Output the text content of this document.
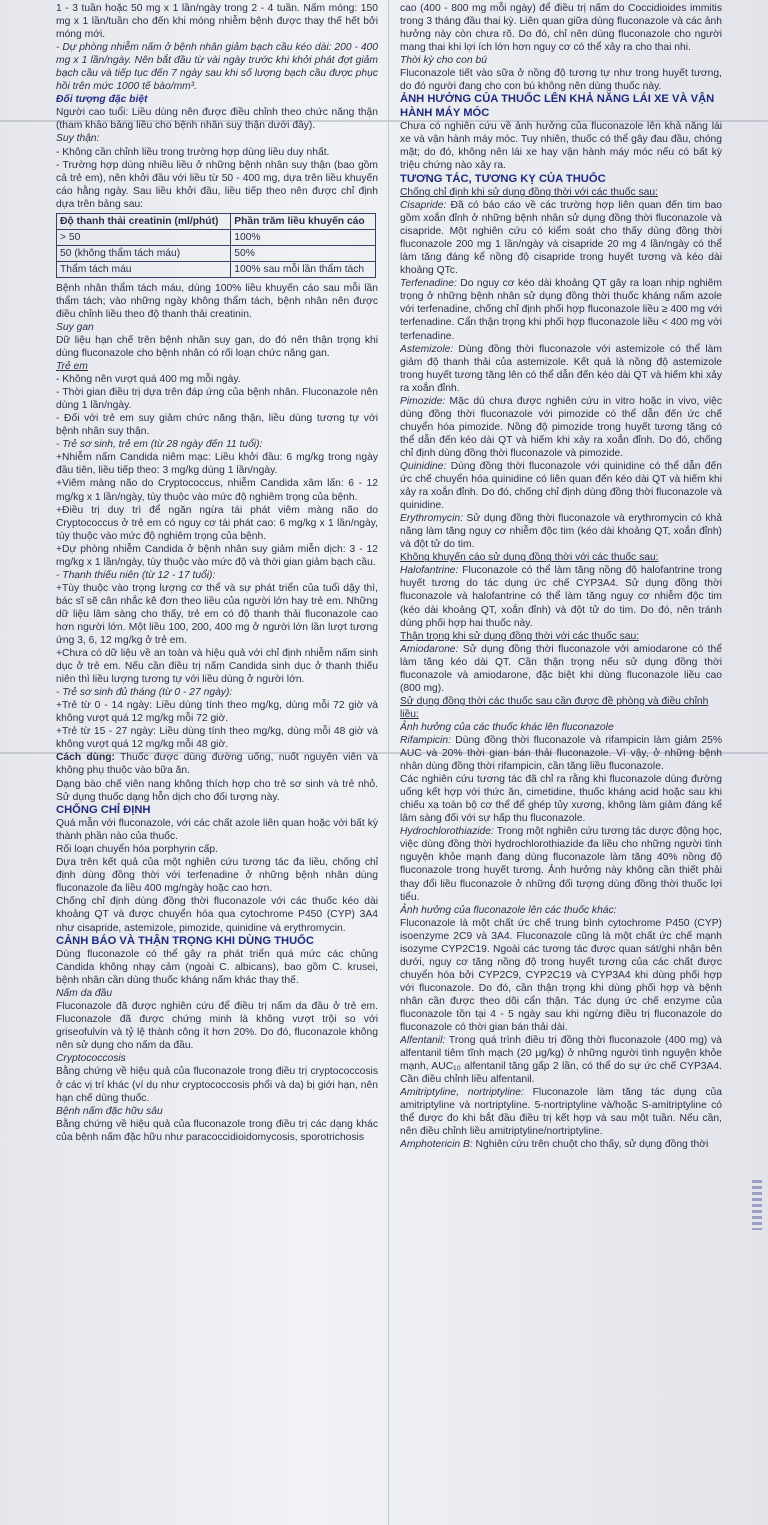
1 - 3 tuần hoặc 50 mg x 1 lần/ngày trong 2 - 4 tuần. Nấm móng: 150 mg x 1 lần/tuần cho đến khi móng nhiễm bệnh được thay thế hết bởi móng mới.

- Dự phòng nhiễm nấm ở bệnh nhân giảm bạch cầu kéo dài: 200 - 400 mg x 1 lần/ngày. Nên bắt đầu từ vài ngày trước khi khởi phát đợt giảm bạch cầu và tiếp tục đến 7 ngày sau khi số lượng bạch cầu được phục hồi trên mức 1000 tế bào/mm³.

Đối tượng đặc biệt

Người cao tuổi: Liều dùng nên được điều chỉnh theo chức năng thận (tham khảo bảng liều cho bệnh nhân suy thận dưới đây).

Suy thận:

- Không cần chỉnh liều trong trường hợp dùng liều duy nhất.

- Trường hợp dùng nhiều liều ở những bệnh nhân suy thận (bao gồm cả trẻ em), nên khởi đầu với liều từ 50 - 400 mg, dựa trên liều khuyến cáo hằng ngày. Sau liều khởi đầu, liều tiếp theo nên được chỉ định dựa trên bảng sau:

Độ thanh thải creatinin (ml/phút)	Phần trăm liều khuyến cáo
> 50	100%
50 (không thẩm tách máu)	50%
Thẩm tách máu	100% sau mỗi lần thẩm tách

Bệnh nhân thẩm tách máu, dùng 100% liều khuyến cáo sau mỗi lần thẩm tách; vào những ngày không thẩm tách, bệnh nhân nên được điều chỉnh liều theo độ thanh thải creatinin.

Suy gan

Dữ liệu hạn chế trên bệnh nhân suy gan, do đó nên thận trọng khi dùng fluconazole cho bệnh nhân có rối loạn chức năng gan.

Trẻ em

- Không nên vượt quá 400 mg mỗi ngày.

- Thời gian điều trị dựa trên đáp ứng của bệnh nhân. Fluconazole nên dùng 1 lần/ngày.

- Đối với trẻ em suy giảm chức năng thận, liều dùng tương tự với bệnh nhân suy thận.

- Trẻ sơ sinh, trẻ em (từ 28 ngày đến 11 tuổi):

+Nhiễm nấm Candida niêm mạc: Liều khởi đầu: 6 mg/kg trong ngày đầu tiên, liều tiếp theo: 3 mg/kg dùng 1 lần/ngày.

+Viêm màng não do Cryptococcus, nhiễm Candida xâm lấn: 6 - 12 mg/kg x 1 lần/ngày, tùy thuộc vào mức độ nghiêm trọng của bệnh.

+Điều trị duy trì để ngăn ngừa tái phát viêm màng não do Cryptococcus ở trẻ em có nguy cơ tái phát cao: 6 mg/kg x 1 lần/ngày, tùy thuộc vào mức độ nghiêm trọng của bệnh.

+Dự phòng nhiễm Candida ở bệnh nhân suy giảm miễn dịch: 3 - 12 mg/kg x 1 lần/ngày, tùy thuộc vào mức độ và thời gian giảm bạch cầu.

- Thanh thiếu niên (từ 12 - 17 tuổi):

+Tùy thuộc vào trọng lượng cơ thể và sự phát triển của tuổi dậy thì, bác sĩ sẽ cân nhắc kê đơn theo liều của người lớn hay trẻ em. Những dữ liệu lâm sàng cho thấy, trẻ em có độ thanh thải fluconazole cao hơn người lớn. Một liều 100, 200, 400 mg ở người lớn lần lượt tương ứng 3, 6, 12 mg/kg ở trẻ em.

+Chưa có dữ liệu về an toàn và hiệu quả với chỉ định nhiễm nấm sinh dục ở trẻ em. Nếu cần điều trị nấm Candida sinh dục ở thanh thiếu niên thì liều lượng tương tự với liều dùng ở người lớn.

- Trẻ sơ sinh đủ tháng (từ 0 - 27 ngày):

+Trẻ từ 0 - 14 ngày: Liều dùng tính theo mg/kg, dùng mỗi 72 giờ và không vượt quá 12 mg/kg mỗi 72 giờ.

+Trẻ từ 15 - 27 ngày: Liều dùng tính theo mg/kg, dùng mỗi 48 giờ và không vượt quá 12 mg/kg mỗi 48 giờ.

Cách dùng: Thuốc được dùng đường uống, nuốt nguyên viên và không phụ thuộc vào bữa ăn.

Dạng bào chế viên nang không thích hợp cho trẻ sơ sinh và trẻ nhỏ. Sử dụng thuốc dạng hỗn dịch cho đối tượng này.

CHỐNG CHỈ ĐỊNH

Quá mẫn với fluconazole, với các chất azole liên quan hoặc với bất kỳ thành phần nào của thuốc.

Rối loạn chuyển hóa porphyrin cấp.

Dựa trên kết quả của một nghiên cứu tương tác đa liều, chống chỉ định dùng đồng thời với terfenadine ở những bệnh nhân dùng fluconazole đa liều 400 mg/ngày hoặc cao hơn.

Chống chỉ định dùng đồng thời fluconazole với các thuốc kéo dài khoảng QT và được chuyển hóa qua cytochrome P450 (CYP) 3A4 như cisapride, astemizole, pimozide, quinidine và erythromycin.

CẢNH BÁO VÀ THẬN TRỌNG KHI DÙNG THUỐC

Dùng fluconazole có thể gây ra phát triển quá mức các chủng Candida không nhạy cảm (ngoài C. albicans), bao gồm C. krusei, bệnh nhân cần dùng thuốc kháng nấm khác thay thế.

Nấm da đầu

Fluconazole đã được nghiên cứu để điều trị nấm da đầu ở trẻ em. Fluconazole đã được chứng minh là không vượt trội so với griseofulvin và tỷ lệ thành công ít hơn 20%. Do đó, fluconazole không nên sử dụng cho nấm da đầu.

Cryptococcosis

Bằng chứng về hiệu quả của fluconazole trong điều trị cryptococcosis ở các vị trí khác (ví dụ như cryptococcosis phổi và da) bị giới hạn, nên hạn chế dùng thuốc.

Bệnh nấm đặc hữu sâu

Bằng chứng về hiệu quả của fluconazole trong điều trị các dạng khác của bệnh nấm đặc hữu như paracoccidioidomycosis, sporotrichosis

cao (400 - 800 mg mỗi ngày) để điều trị nấm do Coccidioides immitis trong 3 tháng đầu thai kỳ. Liên quan giữa dùng fluconazole và các ảnh hưởng này còn chưa rõ. Do đó, chỉ nên dùng fluconazole cho người mang thai khi lợi ích lớn hơn nguy cơ có thể xảy ra cho thai nhi.

Thời kỳ cho con bú

Fluconazole tiết vào sữa ở nồng độ tương tự như trong huyết tương, do đó người đang cho con bú không nên dùng thuốc này.

ẢNH HƯỞNG CỦA THUỐC LÊN KHẢ NĂNG LÁI XE VÀ VẬN HÀNH MÁY MÓC

Chưa có nghiên cứu về ảnh hưởng của fluconazole lên khả năng lái xe và vận hành máy móc. Tuy nhiên, thuốc có thể gây đau đầu, chóng mặt; do đó, không nên lái xe hay vận hành máy móc nếu có bất kỳ triệu chứng nào xảy ra.

TƯƠNG TÁC, TƯƠNG KỴ CỦA THUỐC

Chống chỉ định khi sử dụng đồng thời với các thuốc sau:

Cisapride: Đã có báo cáo về các trường hợp liên quan đến tim bao gồm xoắn đỉnh ở những bệnh nhân sử dụng đồng thời fluconazole và cisapride. Một nghiên cứu có kiểm soát cho thấy dùng đồng thời fluconazole 200 mg 1 lần/ngày và cisapride 20 mg 4 lần/ngày có thể làm tăng đáng kể nồng độ cisapride trong huyết tương và kéo dài khoảng QTc.

Terfenadine: Do nguy cơ kéo dài khoảng QT gây ra loạn nhịp nghiêm trọng ở những bệnh nhân sử dụng đồng thời thuốc kháng nấm azole với terfenadine, chống chỉ định phối hợp fluconazole liều ≥ 400 mg với terfenadine. Cẩn thận trọng khi phối hợp fluconazole liều < 400 mg với terfenadine.

Astemizole: Dùng đồng thời fluconazole với astemizole có thể làm giảm độ thanh thải của astemizole. Kết quả là nồng độ astemizole trong huyết tương tăng lên có thể dẫn đến kéo dài QT và hiếm khi xảy ra xoắn đỉnh.

Pimozide: Mặc dù chưa được nghiên cứu in vitro hoặc in vivo, việc dùng đồng thời fluconazole với pimozide có thể dẫn đến ức chế chuyển hóa pimozide. Nồng độ pimozide trong huyết tương tăng có thể dẫn đến kéo dài QT và hiếm khi xảy ra xoắn đỉnh. Do đó, chống chỉ định dùng đồng thời fluconazole và pimozide.

Quinidine: Dùng đồng thời fluconazole với quinidine có thể dẫn đến ức chế chuyển hóa quinidine có liên quan đến kéo dài QT và hiếm khi xảy ra xoắn đỉnh. Do đó, chống chỉ định dùng đồng thời fluconazole và quinidine.

Erythromycin: Sử dụng đồng thời fluconazole và erythromycin có khả năng làm tăng nguy cơ nhiễm độc tim (kéo dài khoảng QT, xoắn đỉnh) và đột tử do tim.

Không khuyến cáo sử dụng đồng thời với các thuốc sau:

Halofantrine: Fluconazole có thể làm tăng nồng độ halofantrine trong huyết tương do tác dụng ức chế CYP3A4. Sử dụng đồng thời fluconazole và halofantrine có thể làm tăng nguy cơ nhiễm độc tim (kéo dài khoảng QT, xoắn đỉnh) và đột tử do tim. Do đó, nên tránh dùng phối hợp hai thuốc này.

Thận trọng khi sử dụng đồng thời với các thuốc sau:

Amiodarone: Sử dụng đồng thời fluconazole với amiodarone có thể làm tăng kéo dài QT. Cần thận trọng nếu sử dụng đồng thời fluconazole và amiodarone, đặc biệt khi dùng fluconazole liều cao (800 mg).

Sử dụng đồng thời các thuốc sau cần được đề phòng và điều chỉnh liều:

Ảnh hưởng của các thuốc khác lên fluconazole

Rifampicin: Dùng đồng thời fluconazole và rifampicin làm giảm 25% AUC và 20% thời gian bán thải fluconazole. Vì vậy, ở những bệnh nhân dùng đồng thời rifampicin, cần tăng liều fluconazole.

Các nghiên cứu tương tác đã chỉ ra rằng khi fluconazole dùng đường uống kết hợp với thức ăn, cimetidine, thuốc kháng acid hoặc sau khi chiếu xạ toàn bộ cơ thể để ghép tủy xương, không làm giảm đáng kể lâm sàng đối với sự hấp thu fluconazole.

Hydrochlorothiazide: Trong một nghiên cứu tương tác dược động học, việc dùng đồng thời hydrochlorothiazide đa liều cho những người tình nguyện khỏe mạnh đang dùng fluconazole làm tăng 40% nồng độ fluconazole trong huyết tương. Ảnh hưởng này không cần thiết phải thay đổi liều fluconazole ở những đối tượng dùng đồng thời thuốc lợi tiểu.

Ảnh hưởng của fluconazole lên các thuốc khác:

Fluconazole là một chất ức chế trung bình cytochrome P450 (CYP) isoenzyme 2C9 và 3A4. Fluconazole cũng là một chất ức chế mạnh isozyme CYP2C19. Ngoài các tương tác được quan sát/ghi nhận bên dưới, nguy cơ tăng nồng độ trong huyết tương của các chất được chuyển hóa bởi CYP2C9, CYP2C19 và CYP3A4 khi dùng phối hợp với fluconazole. Do đó, cần thận trọng khi dùng phối hợp và bệnh nhân cần được theo dõi cẩn thận. Tác dụng ức chế enzyme của fluconazole tồn tại 4 - 5 ngày sau khi ngừng điều trị fluconazole do fluconazole có thời gian bán thải dài.

Alfentanil: Trong quá trình điều trị đồng thời fluconazole (400 mg) và alfentanil tiêm tĩnh mạch (20 μg/kg) ở những người tình nguyện khỏe mạnh, AUC₁₀ alfentanil tăng gấp 2 lần, có thể do sự ức chế CYP3A4. Cần điều chỉnh liều alfentanil.

Amitriptyline, nortriptyline: Fluconazole làm tăng tác dụng của amitriptyline và nortriptyline. 5-nortriptyline và/hoặc S-amitriptyline có thể được đo khi bắt đầu điều trị kết hợp và sau một tuần. Nếu cần, nên điều chỉnh liều amitriptyline/nortriptyline.

Amphotericin B: Nghiên cứu trên chuột cho thấy, sử dụng đồng thời
